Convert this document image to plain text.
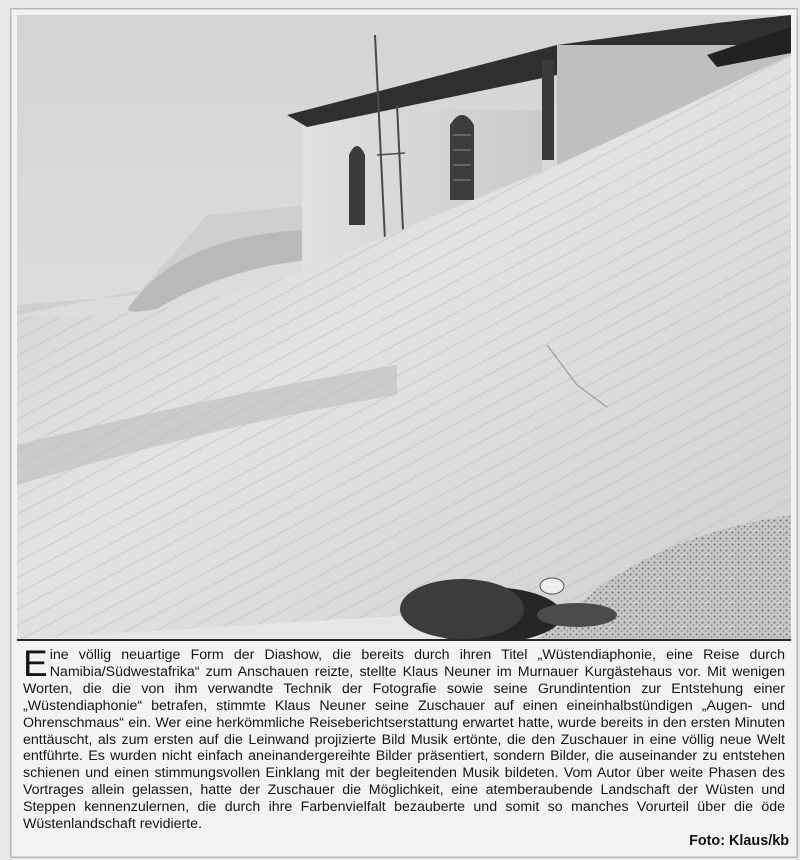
Eine völlig neuartige Form der Diashow, die bereits durch ihren Titel „Wüstendiaphonie, eine Reise durch Namibia/Südwestafrika“ zum Anschauen reizte, stellte Klaus Neuner im Murnauer Kurgästehaus vor. Mit wenigen Worten, die die von ihm verwandte Technik der Fotografie sowie seine Grundintention zur Entstehung einer „Wüstendiaphonie“ betrafen, stimmte Klaus Neuner seine Zuschauer auf einen eineinhalbstündigen „Augen- und Ohrenschmaus“ ein. Wer eine herkömmliche Reiseberichtserstattung erwartet hatte, wurde bereits in den ersten Minuten enttäuscht, als zum ersten auf die Leinwand projizierte Bild Musik ertönte, die den Zuschauer in eine völlig neue Welt entführte. Es wurden nicht einfach aneinandergereihte Bilder präsentiert, sondern Bilder, die auseinander zu entstehen schienen und einen stimmungsvollen Einklang mit der begleitenden Musik bildeten. Vom Autor über weite Phasen des Vortrages allein gelassen, hatte der Zuschauer die Möglichkeit, eine atemberaubende Landschaft der Wüsten und Steppen kennenzulernen, die durch ihre Farbenvielfalt bezauberte und somit so manches Vorurteil über die öde Wüstenlandschaft revidierte.
Foto: Klaus/kb
